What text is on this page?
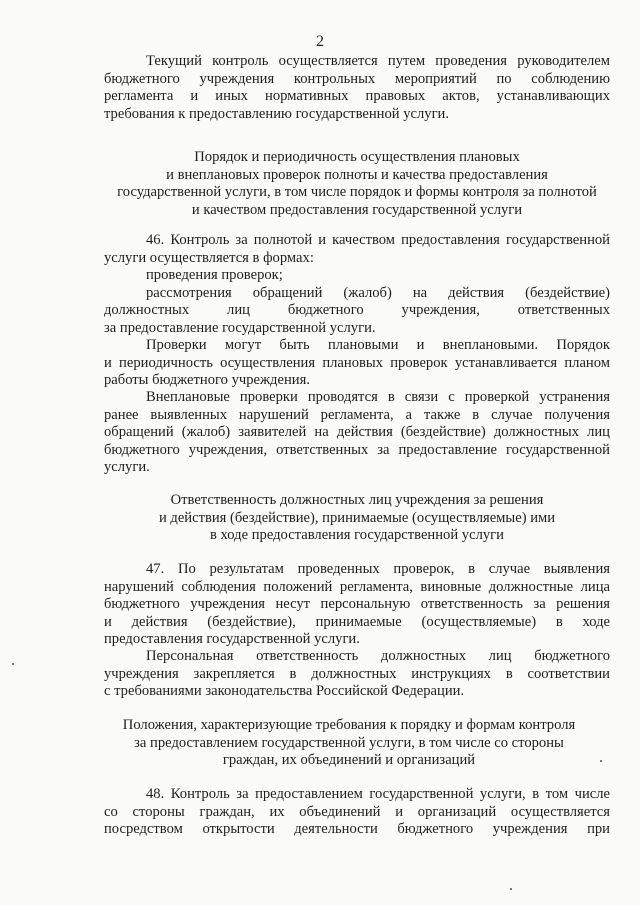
2
Текущий контроль осуществляется путем проведения руководителем
бюджетного учреждения контрольных мероприятий по соблюдению
регламента и иных нормативных правовых актов, устанавливающих
требования к предоставлению государственной услуги.
Порядок и периодичность осуществления плановых
и внеплановых проверок полноты и качества предоставления
государственной услуги, в том числе порядок и формы контроля за полнотой
и качеством предоставления государственной услуги
46. Контроль за полнотой и качеством предоставления государственной
услуги осуществляется в формах:
проведения проверок;
рассмотрения обращений (жалоб) на действия (бездействие)
должностных лиц бюджетного учреждения, ответственных
за предоставление государственной услуги.
Проверки могут быть плановыми и внеплановыми. Порядок
и периодичность осуществления плановых проверок устанавливается планом
работы бюджетного учреждения.
Внеплановые проверки проводятся в связи с проверкой устранения
ранее выявленных нарушений регламента, а также в случае получения
обращений (жалоб) заявителей на действия (бездействие) должностных лиц
бюджетного учреждения, ответственных за предоставление государственной
услуги.
Ответственность должностных лиц учреждения за решения
и действия (бездействие), принимаемые (осуществляемые) ими
в ходе предоставления государственной услуги
47. По результатам проведенных проверок, в случае выявления
нарушений соблюдения положений регламента, виновные должностные лица
бюджетного учреждения несут персональную ответственность за решения
и действия (бездействие), принимаемые (осуществляемые) в ходе
предоставления государственной услуги.
Персональная ответственность должностных лиц бюджетного
учреждения закрепляется в должностных инструкциях в соответствии
с требованиями законодательства Российской Федерации.
Положения, характеризующие требования к порядку и формам контроля
за предоставлением государственной услуги, в том числе со стороны
граждан, их объединений и организаций
48. Контроль за предоставлением государственной услуги, в том числе
со стороны граждан, их объединений и организаций осуществляется
посредством открытости деятельности бюджетного учреждения при
